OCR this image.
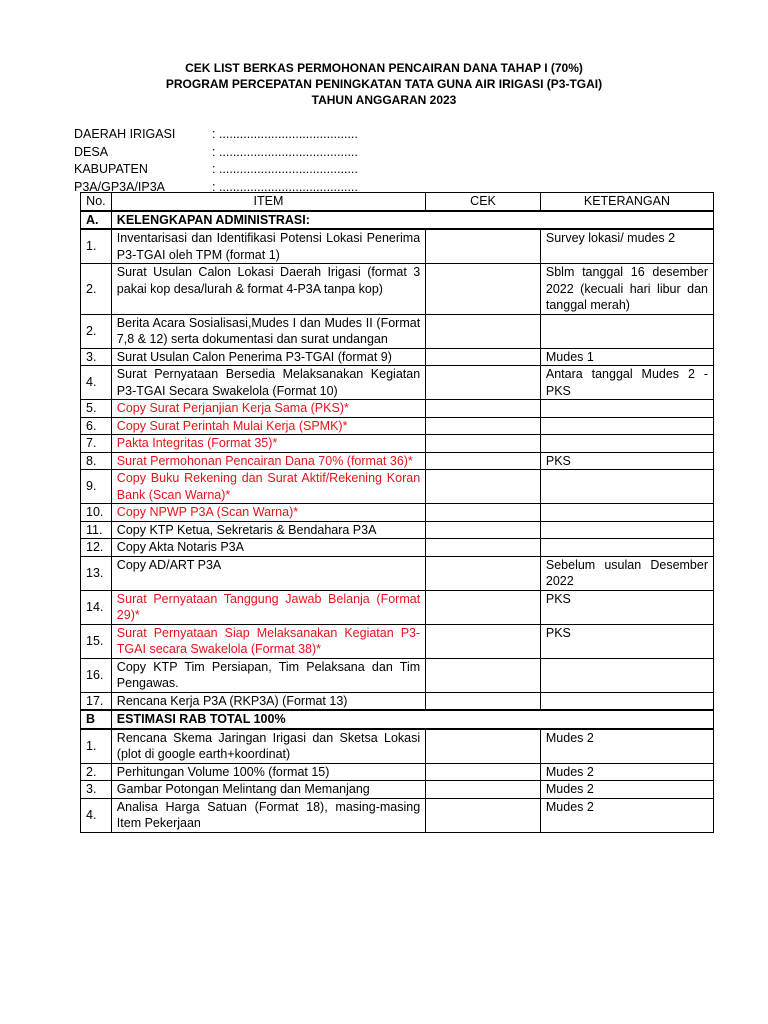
CEK LIST BERKAS PERMOHONAN PENCAIRAN DANA TAHAP I (70%)
PROGRAM PERCEPATAN PENINGKATAN TATA GUNA AIR IRIGASI (P3-TGAI)
TAHUN ANGGARAN 2023
DAERAH IRIGASI	: ........................................
DESA	: ........................................
KABUPATEN	: ........................................
P3A/GP3A/IP3A	: ........................................
No.	ITEM	CEK	KETERANGAN
A.	KELENGKAPAN ADMINISTRASI:		
1.	Inventarisasi dan Identifikasi Potensi Lokasi Penerima P3-TGAI oleh TPM (format 1)		Survey lokasi/ mudes 2
2.	Surat Usulan Calon Lokasi Daerah Irigasi (format 3 pakai kop desa/lurah & format 4-P3A tanpa kop)		Sblm tanggal 16 desember 2022 (kecuali hari libur dan tanggal merah)
2.	Berita Acara Sosialisasi,Mudes I dan Mudes II (Format 7,8 & 12) serta dokumentasi dan surat undangan		
3.	Surat Usulan Calon Penerima P3-TGAI (format 9)		Mudes 1
4.	Surat Pernyataan Bersedia Melaksanakan Kegiatan P3-TGAI Secara Swakelola (Format 10)		Antara tanggal Mudes 2 - PKS
5.	Copy Surat Perjanjian Kerja Sama (PKS)*		
6.	Copy Surat Perintah Mulai Kerja (SPMK)*		
7.	Pakta Integritas (Format 35)*		
8.	Surat Permohonan Pencairan Dana 70% (format 36)*		PKS
9.	Copy Buku Rekening dan Surat Aktif/Rekening Koran Bank (Scan Warna)*		
10.	Copy NPWP P3A (Scan Warna)*		
11.	Copy KTP Ketua, Sekretaris & Bendahara P3A		
12.	Copy Akta Notaris P3A		
13.	Copy AD/ART P3A		Sebelum usulan Desember 2022
14.	Surat Pernyataan Tanggung Jawab Belanja (Format 29)*		PKS
15.	Surat Pernyataan Siap Melaksanakan Kegiatan P3-TGAI secara Swakelola (Format 38)*		PKS
16.	Copy KTP Tim Persiapan, Tim Pelaksana dan Tim Pengawas.		
17.	Rencana Kerja P3A (RKP3A) (Format 13)		
B	ESTIMASI RAB TOTAL 100%		
1.	Rencana Skema Jaringan Irigasi dan Sketsa Lokasi (plot di google earth+koordinat)		Mudes 2
2.	Perhitungan Volume 100% (format 15)		Mudes 2
3.	Gambar Potongan Melintang dan Memanjang		Mudes 2
4.	Analisa Harga Satuan (Format 18), masing-masing Item Pekerjaan		Mudes 2
